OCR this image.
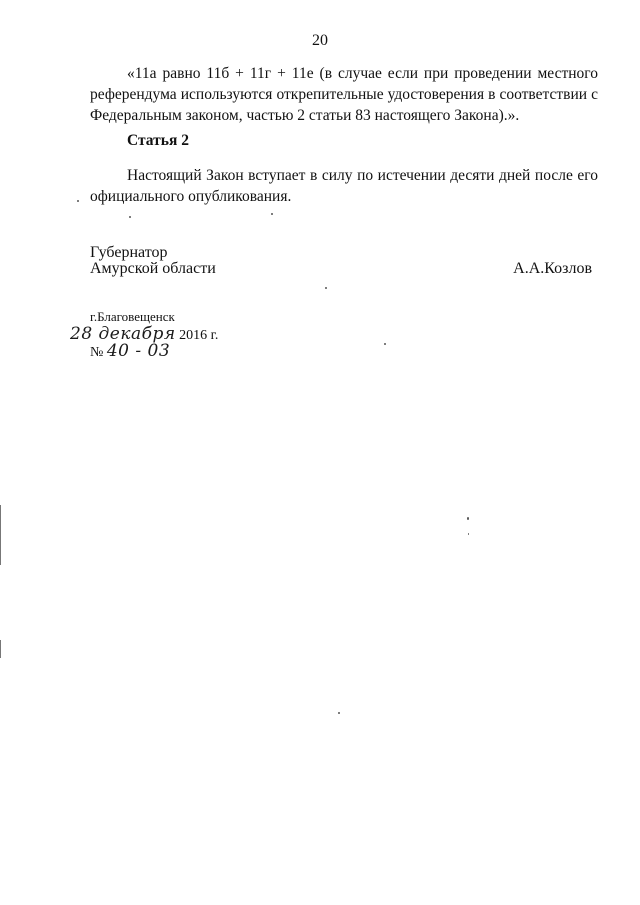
20
«11а равно 11б + 11г + 11е (в случае если при проведении местного
референдума используются открепительные удостоверения в соответствии с
Федеральным законом, частью 2 статьи 83 настоящего Закона).».
Статья 2
Настоящий Закон вступает в силу по истечении десяти дней после его
официального опубликования.
Губернатор
Амурской области	А.А.Козлов
г.Благовещенск
28 декабря 2016 г.
№ 40 - 03
